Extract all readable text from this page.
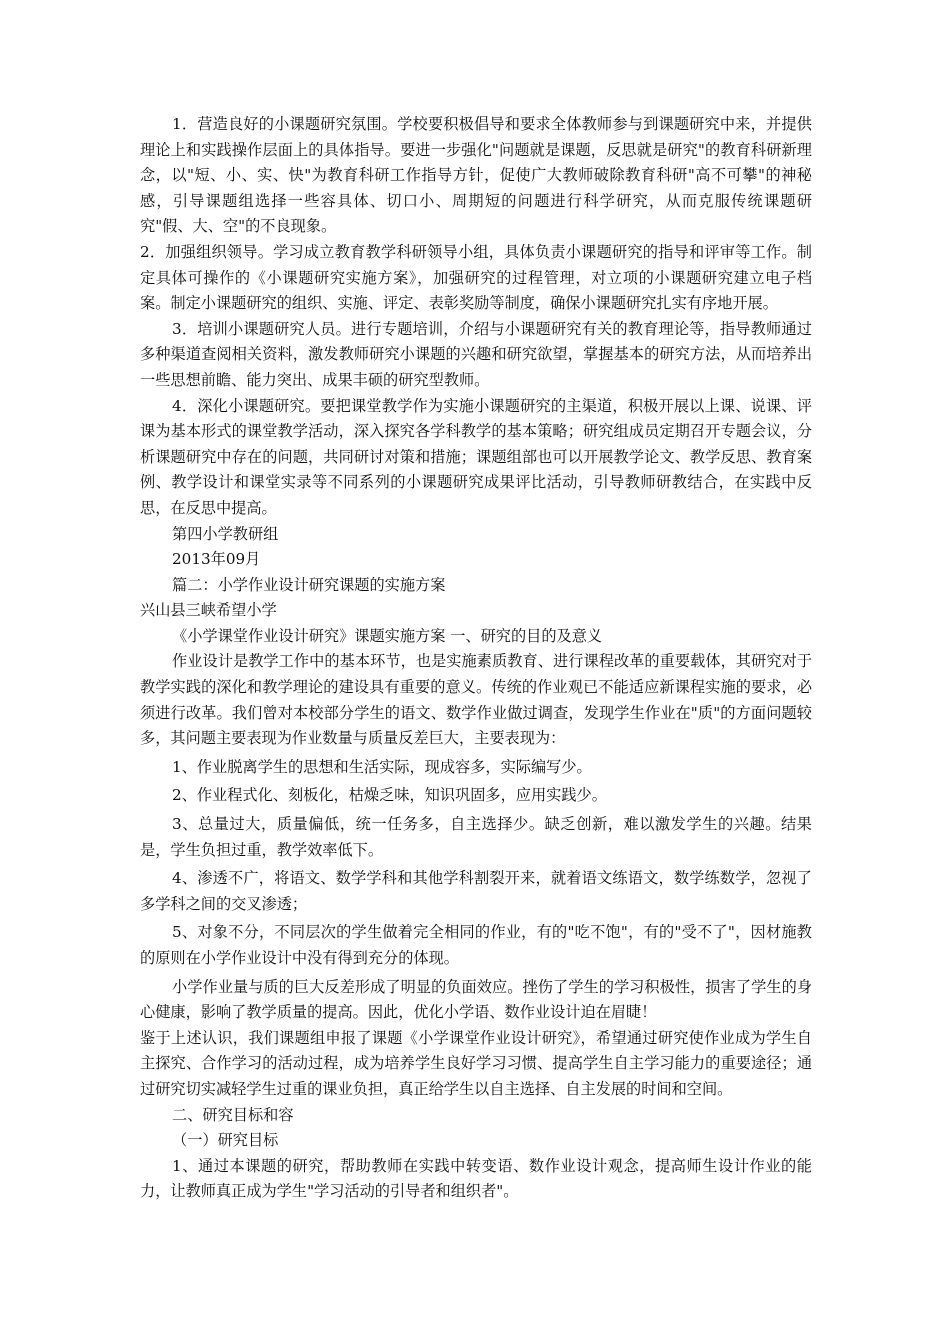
1．营造良好的小课题研究氛围。学校要积极倡导和要求全体教师参与到课题研究中来，并提供理论上和实践操作层面上的具体指导。要进一步强化"问题就是课题，反思就是研究"的教育科研新理念，以"短、小、实、快"为教育科研工作指导方针，促使广大教师破除教育科研"高不可攀"的神秘感，引导课题组选择一些容具体、切口小、周期短的问题进行科学研究，从而克服传统课题研究"假、大、空"的不良现象。

2．加强组织领导。学习成立教育教学科研领导小组，具体负责小课题研究的指导和评审等工作。制定具体可操作的《小课题研究实施方案》，加强研究的过程管理，对立项的小课题研究建立电子档案。制定小课题研究的组织、实施、评定、表彰奖励等制度，确保小课题研究扎实有序地开展。

3．培训小课题研究人员。进行专题培训，介绍与小课题研究有关的教育理论等，指导教师通过多种渠道查阅相关资料，激发教师研究小课题的兴趣和研究欲望，掌握基本的研究方法，从而培养出一些思想前瞻、能力突出、成果丰硕的研究型教师。

4．深化小课题研究。要把课堂教学作为实施小课题研究的主渠道，积极开展以上课、说课、评课为基本形式的课堂教学活动，深入探究各学科教学的基本策略；研究组成员定期召开专题会议，分析课题研究中存在的问题，共同研讨对策和措施；课题组部也可以开展教学论文、教学反思、教育案例、教学设计和课堂实录等不同系列的小课题研究成果评比活动，引导教师研教结合，在实践中反思，在反思中提高。

第四小学教研组

2013年09月

篇二：小学作业设计研究课题的实施方案

兴山县三峡希望小学

《小学课堂作业设计研究》课题实施方案 一、研究的目的及意义

作业设计是教学工作中的基本环节，也是实施素质教育、进行课程改革的重要载体，其研究对于教学实践的深化和教学理论的建设具有重要的意义。传统的作业观已不能适应新课程实施的要求，必须进行改革。我们曾对本校部分学生的语文、数学作业做过调查，发现学生作业在"质"的方面问题较多，其问题主要表现为作业数量与质量反差巨大，主要表现为：

1、作业脱离学生的思想和生活实际，现成容多，实际编写少。

2、作业程式化、刻板化，枯燥乏味，知识巩固多，应用实践少。

3、总量过大，质量偏低，统一任务多，自主选择少。缺乏创新，难以激发学生的兴趣。结果是，学生负担过重，教学效率低下。

4、渗透不广，将语文、数学学科和其他学科割裂开来，就着语文练语文，数学练数学，忽视了多学科之间的交叉渗透；

5、对象不分，不同层次的学生做着完全相同的作业，有的"吃不饱"，有的"受不了"，因材施教的原则在小学作业设计中没有得到充分的体现。

小学作业量与质的巨大反差形成了明显的负面效应。挫伤了学生的学习积极性，损害了学生的身心健康，影响了教学质量的提高。因此，优化小学语、数作业设计迫在眉睫！

鉴于上述认识，我们课题组申报了课题《小学课堂作业设计研究》，希望通过研究使作业成为学生自主探究、合作学习的活动过程，成为培养学生良好学习习惯、提高学生自主学习能力的重要途径；通过研究切实减轻学生过重的课业负担，真正给学生以自主选择、自主发展的时间和空间。

二、研究目标和容

（一）研究目标

1、通过本课题的研究，帮助教师在实践中转变语、数作业设计观念，提高师生设计作业的能力，让教师真正成为学生"学习活动的引导者和组织者"。
